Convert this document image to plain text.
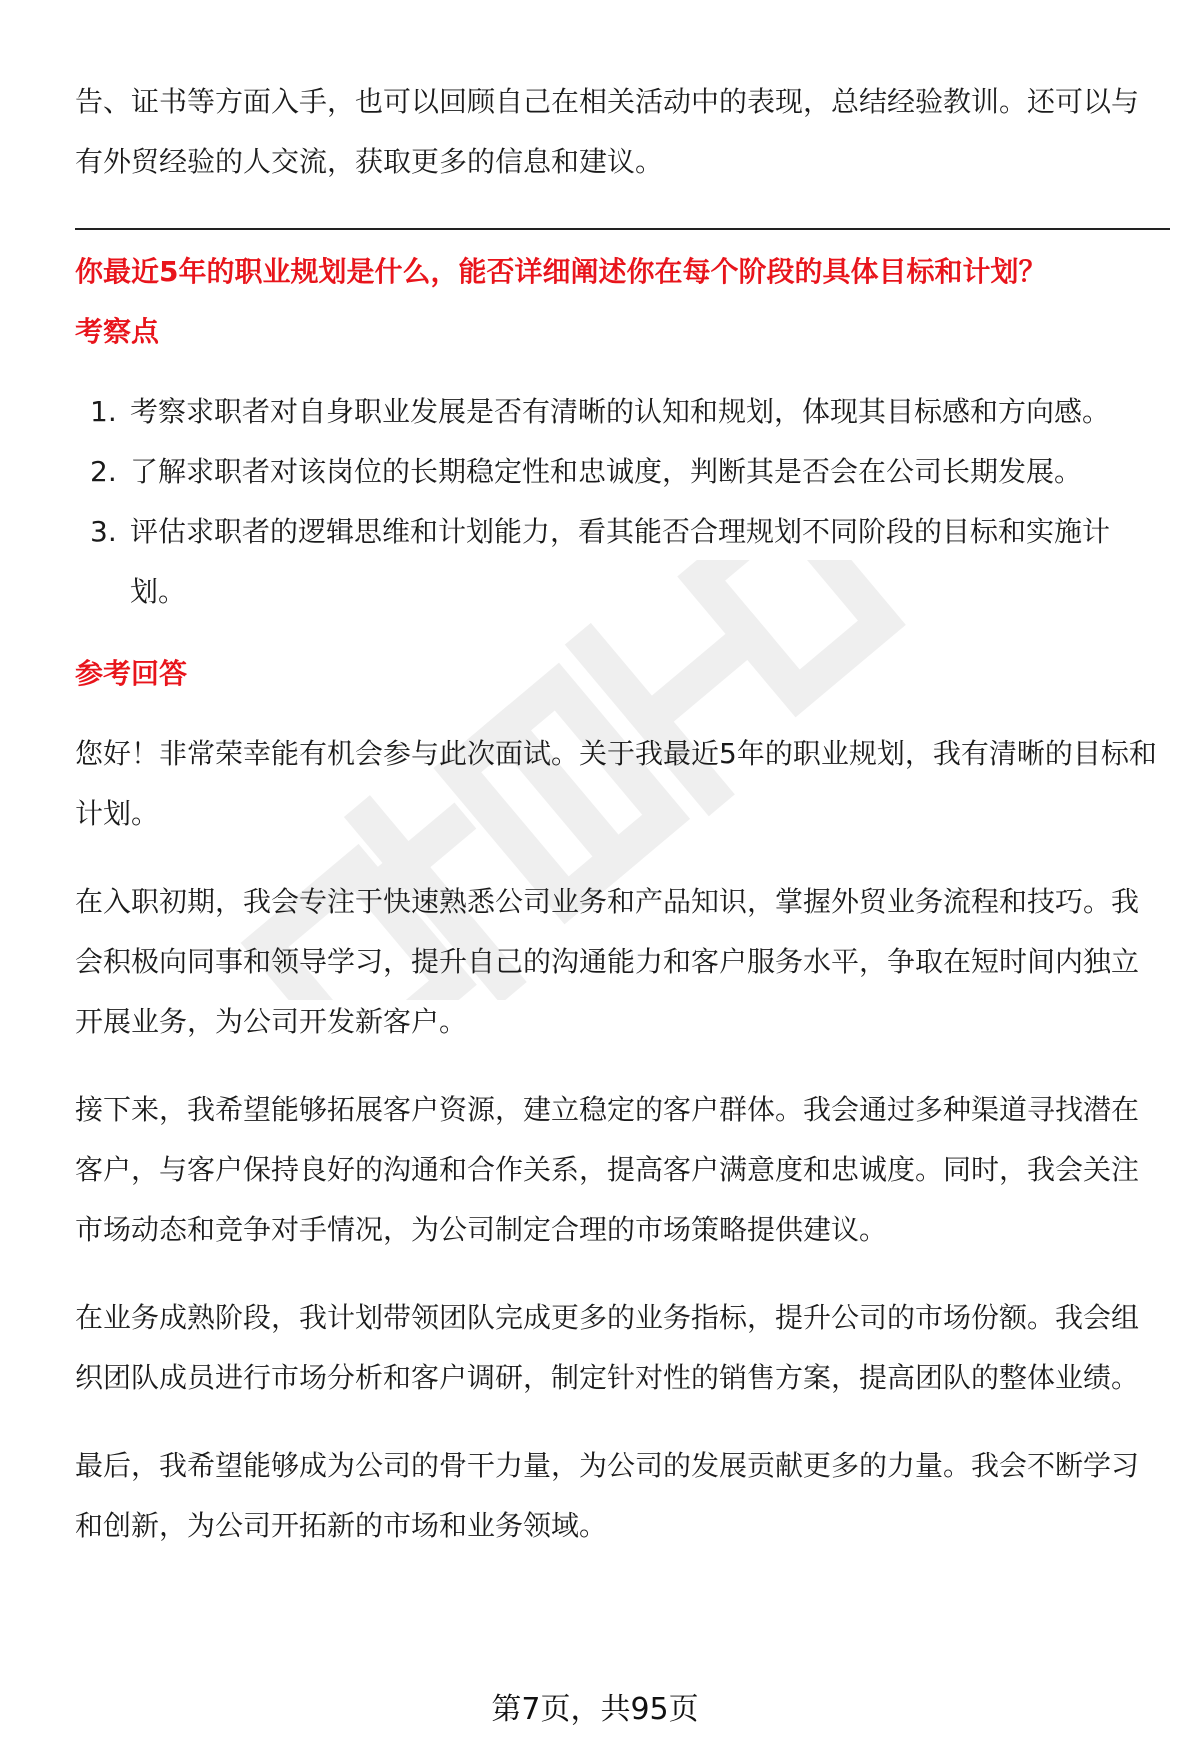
告、证书等方面入手，也可以回顾自己在相关活动中的表现，总结经验教训。还可以与有外贸经验的人交流，获取更多的信息和建议。

你最近5年的职业规划是什么，能否详细阐述你在每个阶段的具体目标和计划？
考察点
1. 考察求职者对自身职业发展是否有清晰的认知和规划，体现其目标感和方向感。
2. 了解求职者对该岗位的长期稳定性和忠诚度，判断其是否会在公司长期发展。
3. 评估求职者的逻辑思维和计划能力，看其能否合理规划不同阶段的目标和实施计划。
参考回答

您好！非常荣幸能有机会参与此次面试。关于我最近5年的职业规划，我有清晰的目标和计划。

在入职初期，我会专注于快速熟悉公司业务和产品知识，掌握外贸业务流程和技巧。我会积极向同事和领导学习，提升自己的沟通能力和客户服务水平，争取在短时间内独立开展业务，为公司开发新客户。

接下来，我希望能够拓展客户资源，建立稳定的客户群体。我会通过多种渠道寻找潜在客户，与客户保持良好的沟通和合作关系，提高客户满意度和忠诚度。同时，我会关注市场动态和竞争对手情况，为公司制定合理的市场策略提供建议。

在业务成熟阶段，我计划带领团队完成更多的业务指标，提升公司的市场份额。我会组织团队成员进行市场分析和客户调研，制定针对性的销售方案，提高团队的整体业绩。

最后，我希望能够成为公司的骨干力量，为公司的发展贡献更多的力量。我会不断学习和创新，为公司开拓新的市场和业务领域。

第7页，共95页
